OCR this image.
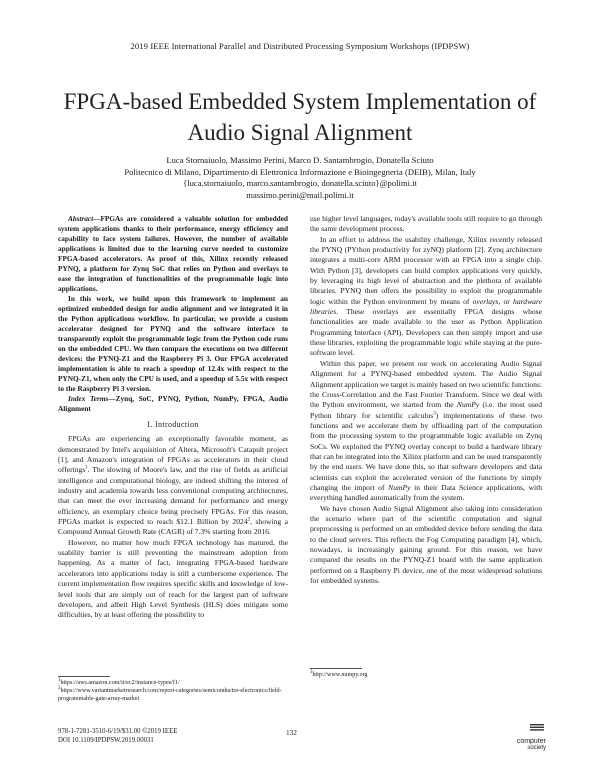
2019 IEEE International Parallel and Distributed Processing Symposium Workshops (IPDPSW)
FPGA-based Embedded System Implementation of
Audio Signal Alignment
Luca Stornaiuolo, Massimo Perini, Marco D. Santambrogio, Donatella Sciuto
Politecnico di Milano, Dipartimento di Elettronica Informazione e Bioingegneria (DEIB), Milan, Italy
{luca.stornaiuolo, marco.santambrogio, donatella.sciuto}@polimi.it
massimo.perini@mail.polimi.it

Abstract—FPGAs are considered a valuable solution for embedded system applications thanks to their performance, energy efficiency and capability to face system failures. However, the number of available applications is limited due to the learning curve needed to customize FPGA-based accelerators. As proof of this, Xilinx recently released PYNQ, a platform for Zynq SoC that relies on Python and overlays to ease the integration of functionalities of the programmable logic into applications.

In this work, we build upon this framework to implement an optimized embedded design for audio alignment and we integrated it in the Python applications workflow. In particular, we provide a custom accelerator designed for PYNQ and the software interface to transparently exploit the programmable logic from the Python code runs on the embedded CPU. We then compare the executions on two different devices: the PYNQ-Z1 and the Raspberry Pi 3. Our FPGA accelerated implementation is able to reach a speedup of 12.4x with respect to the PYNQ-Z1, when only the CPU is used, and a speedup of 5.5x with respect to the Raspberry Pi 3 version.

Index Terms—Zynq, SoC, PYNQ, Python, NumPy, FPGA, Audio Alignment

I. Introduction

FPGAs are experiencing an exceptionally favorable moment, as demonstrated by Intel's acquisition of Altera, Microsoft's Catapult project [1], and Amazon's integration of FPGAs as accelerators in their cloud offerings$^1$. The slowing of Moore's law, and the rise of fields as artificial intelligence and computational biology, are indeed shifting the interest of industry and academia towards less conventional computing architectures, that can meet the ever increasing demand for performance and energy efficiency, an exemplary choice being precisely FPGAs. For this reason, FPGAs market is expected to reach $12.1 Billion by 2024$^2$, showing a Compound Annual Growth Rate (CAGR) of 7.3% starting from 2016.

However, no matter how much FPGA technology has matured, the usability barrier is still preventing the mainstream adoption from happening. As a matter of fact, integrating FPGA-based hardware accelerators into applications today is still a cumbersome experience. The current implementation flow requires specific skills and knowledge of low-level tools that are simply out of reach for the largest part of software developers, and albeit High Level Synthesis (HLS) does mitigate some difficulties, by at least offering the possibility to

$^1$https://aws.amazon.com/it/ec2/instance-types/f1/
$^2$https://www.variantmarketresearch.com/report-categories/semiconductor-electronics/field-programmable-gate-array-market

use higher level languages, today's available tools still require to go through the same development process.

In an effort to address the usability challenge, Xilinx recently released the PYNQ (PYthon productivity for zyNQ) platform [2]. Zynq architecture integrates a multi-core ARM processor with an FPGA into a single chip. With Python [3], developers can build complex applications very quickly, by leveraging its high level of abstraction and the plethora of available libraries. PYNQ then offers the possibility to exploit the programmable logic within the Python environment by means of overlays, or hardware libraries. These overlays are essentially FPGA designs whose functionalities are made available to the user as Python Application Programming Interface (API). Developers can then simply import and use these libraries, exploiting the programmable logic while staying at the pure-software level.

Within this paper, we present our work on accelerating Audio Signal Alignment for a PYNQ-based embedded system. The Audio Signal Alignment application we target is mainly based on two scientific functions: the Cross-Correlation and the Fast Fourier Transform. Since we deal with the Python environment, we started from the NumPy (i.e. the most used Python library for scientific calculus$^3$) implementations of these two functions and we accelerate them by offloading part of the computation from the processing system to the programmable logic available on Zynq SoCs. We exploited the PYNQ overlay concept to build a hardware library that can be integrated into the Xilinx platform and can be used transparently by the end users. We have done this, so that software developers and data scientists can exploit the accelerated version of the functions by simply changing the import of NumPy in their Data Science applications, with everything handled automatically from the system.

We have chosen Audio Signal Alignment also taking into consideration the scenario where part of the scientific computation and signal preprocessing is performed on an embedded device before sending the data to the cloud servers. This reflects the Fog Computing paradigm [4], which, nowadays, is increasingly gaining ground. For this reason, we have compared the results on the PYNQ-Z1 board with the same application performed on a Raspberry Pi device, one of the most widespread solutions for embedded systems.

$^3$http://www.numpy.org
978-1-7281-3510-6/19/$31.00 ©2019 IEEE
DOI 10.1109/IPDPSW.2019.00031
132
computer
society
